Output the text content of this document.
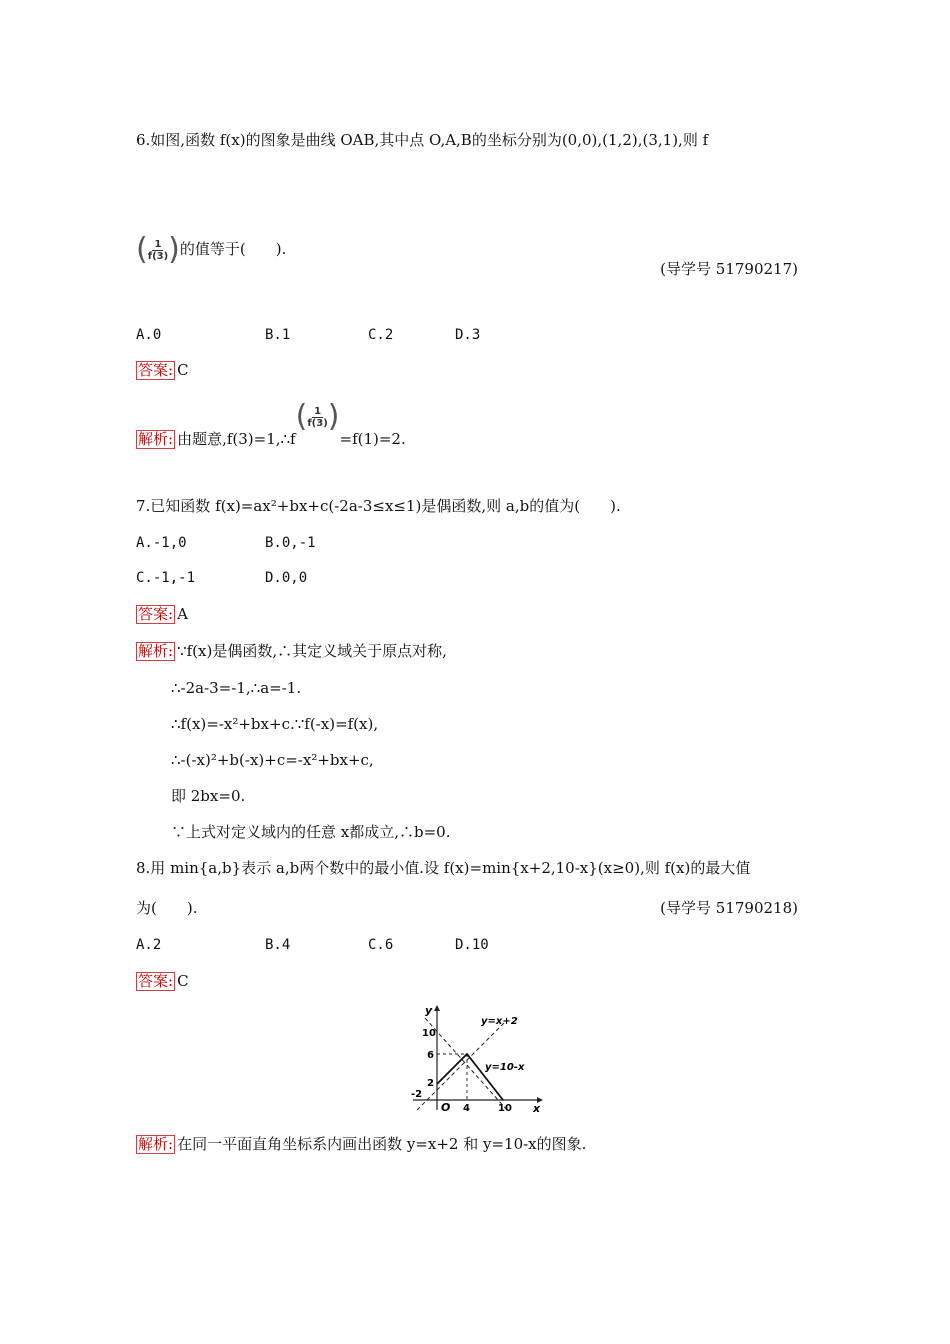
6.如图,函数 f(x)的图象是曲线 OAB,其中点 O,A,B的坐标分别为(0,0),(1,2),(3,1),则 f
( $\frac{1}{f(3)}$ ) 的值等于(　　).
(导学号 51790217)
A.0	B.1	C.2	D.3
答案: C
解析: 由题意,f(3)=1,∴f
( $\frac{1}{f(3)}$ )
=f(1)=2.
7.已知函数 f(x)=ax²+bx+c(-2a-3≤x≤1)是偶函数,则 a,b的值为(　　).
A.-1,0	B.0,-1
C.-1,-1	D.0,0
答案: A
解析: ∵f(x)是偶函数,∴其定义域关于原点对称,
∴-2a-3=-1,∴a=-1.
∴f(x)=-x²+bx+c.∵f(-x)=f(x),
∴-(-x)²+b(-x)+c=-x²+bx+c,
即 2bx=0.
∵上式对定义域内的任意 x都成立,∴b=0.
8.用 min{a,b}表示 a,b两个数中的最小值.设 f(x)=min{x+2,10-x}(x≥0),则 f(x)的最大值
为(　　).	(导学号 51790218)
A.2	B.4	C.6	D.10
答案: C
y
x
O
10
6
2
-2
4	10
y=x+2
y=10-x
解析: 在同一平面直角坐标系内画出函数 y=x+2 和 y=10-x的图象.
